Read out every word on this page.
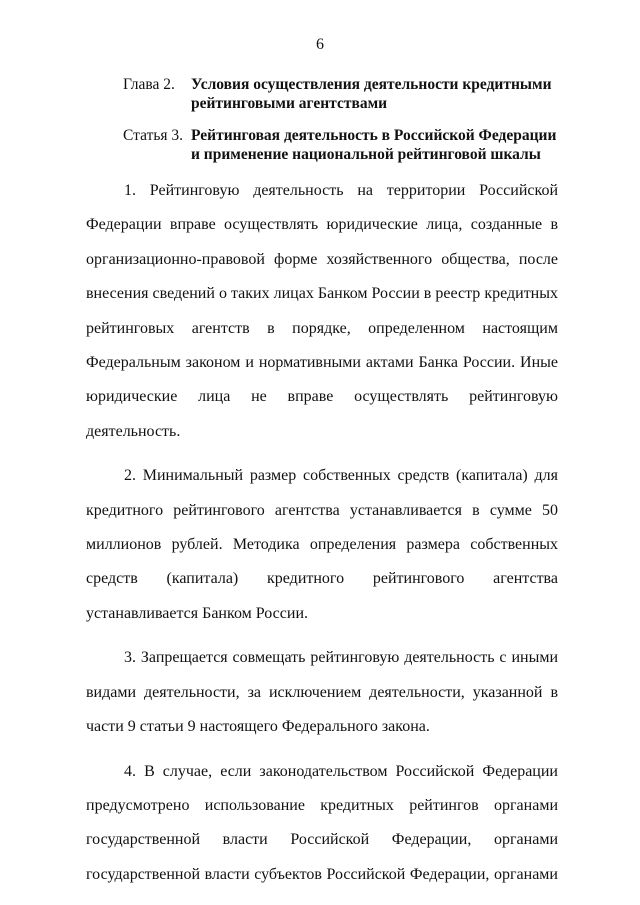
6
Глава 2.	Условия осуществления деятельности кредитными рейтинговыми агентствами
Статья 3. Рейтинговая деятельность в Российской Федерации и применение национальной рейтинговой шкалы

1. Рейтинговую деятельность на территории Российской Федерации вправе осуществлять юридические лица, созданные в организационно-правовой форме хозяйственного общества, после внесения сведений о таких лицах Банком России в реестр кредитных рейтинговых агентств в порядке, определенном настоящим Федеральным законом и нормативными актами Банка России. Иные юридические лица не вправе осуществлять рейтинговую деятельность.

2. Минимальный размер собственных средств (капитала) для кредитного рейтингового агентства устанавливается в сумме 50 миллионов рублей. Методика определения размера собственных средств (капитала) кредитного рейтингового агентства устанавливается Банком России.

3. Запрещается совмещать рейтинговую деятельность с иными видами деятельности, за исключением деятельности, указанной в части 9 статьи 9 настоящего Федерального закона.

4. В случае, если законодательством Российской Федерации предусмотрено использование кредитных рейтингов органами государственной власти Российской Федерации, органами государственной власти субъектов Российской Федерации, органами
